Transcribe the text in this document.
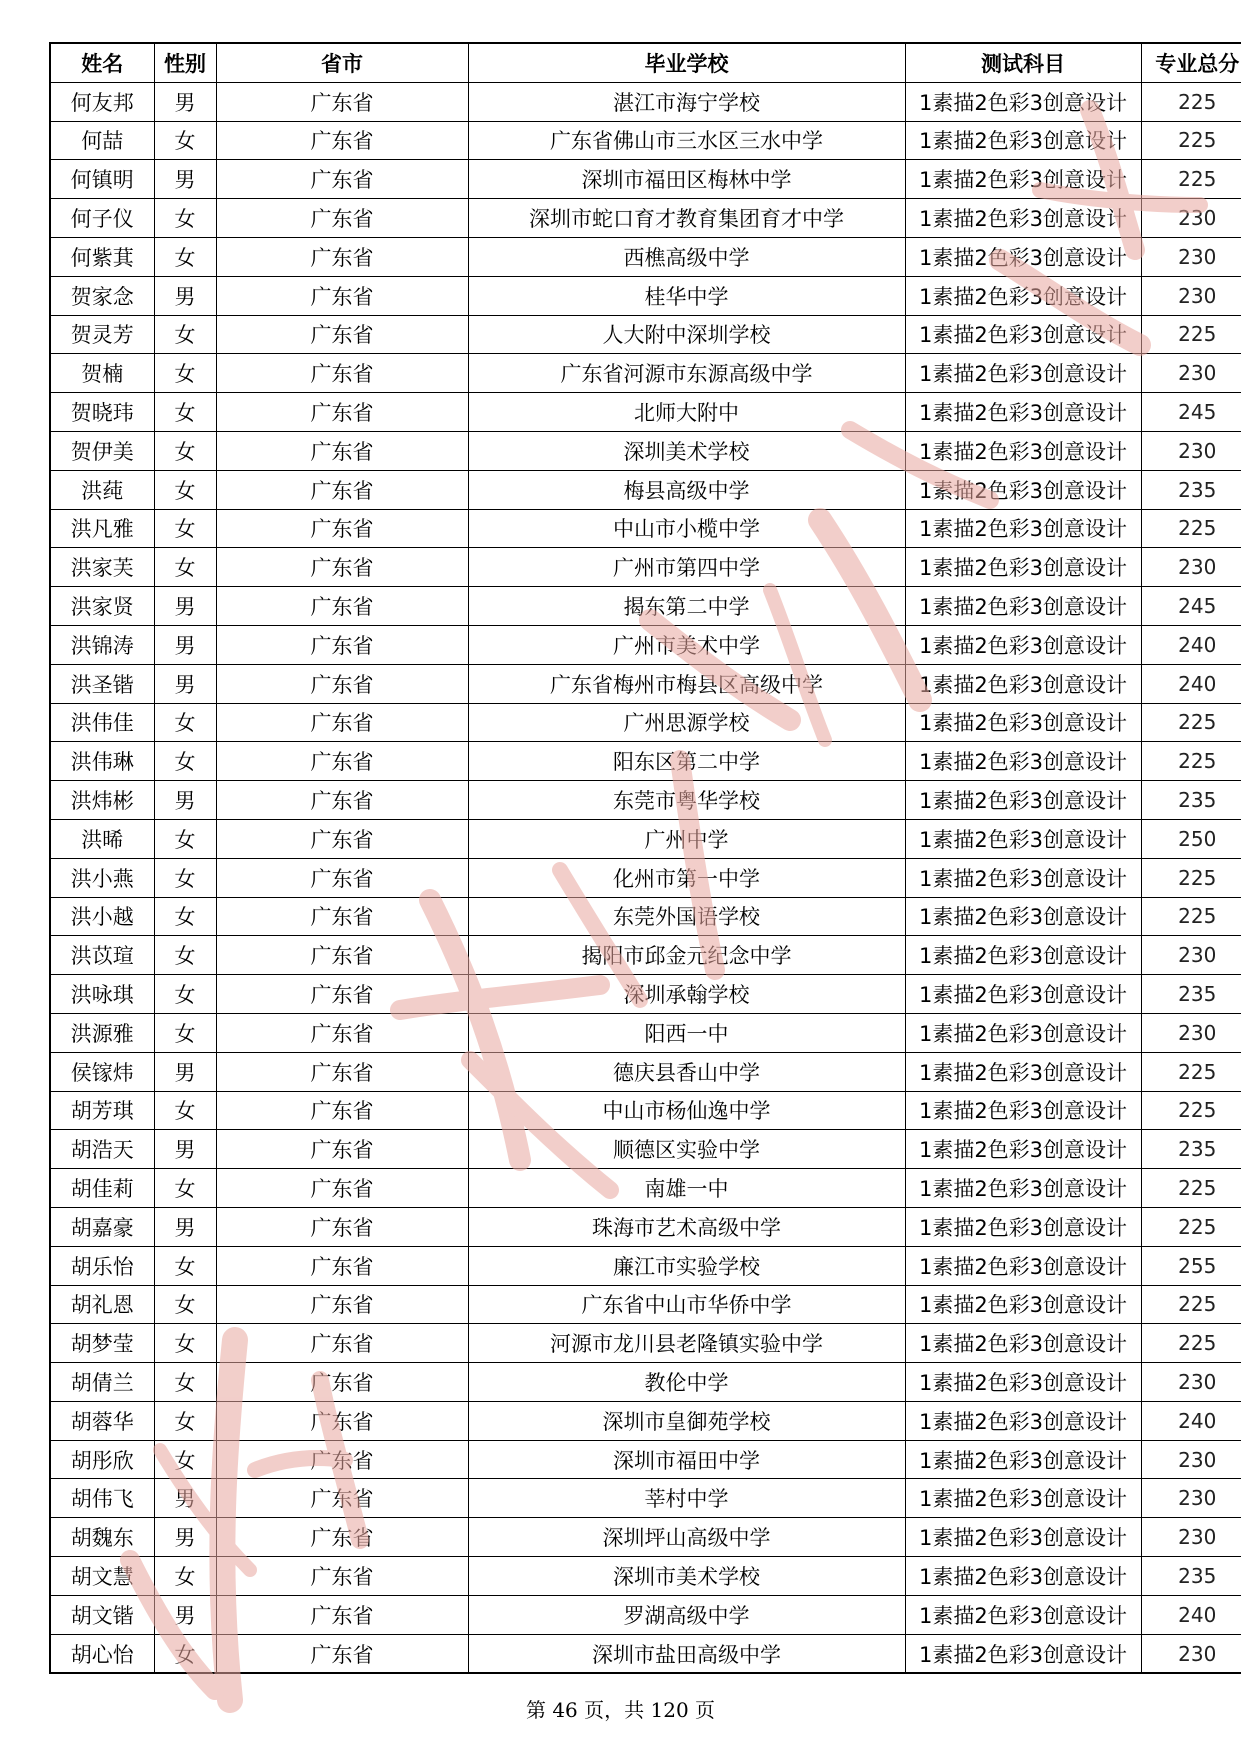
姓名	性别	省市	毕业学校	测试科目	专业总分
何友邦	男	广东省	湛江市海宁学校	1素描2色彩3创意设计	225
何喆	女	广东省	广东省佛山市三水区三水中学	1素描2色彩3创意设计	225
何镇明	男	广东省	深圳市福田区梅林中学	1素描2色彩3创意设计	225
何子仪	女	广东省	深圳市蛇口育才教育集团育才中学	1素描2色彩3创意设计	230
何紫萁	女	广东省	西樵高级中学	1素描2色彩3创意设计	230
贺家念	男	广东省	桂华中学	1素描2色彩3创意设计	230
贺灵芳	女	广东省	人大附中深圳学校	1素描2色彩3创意设计	225
贺楠	女	广东省	广东省河源市东源高级中学	1素描2色彩3创意设计	230
贺晓玮	女	广东省	北师大附中	1素描2色彩3创意设计	245
贺伊美	女	广东省	深圳美术学校	1素描2色彩3创意设计	230
洪莼	女	广东省	梅县高级中学	1素描2色彩3创意设计	235
洪凡雅	女	广东省	中山市小榄中学	1素描2色彩3创意设计	225
洪家芙	女	广东省	广州市第四中学	1素描2色彩3创意设计	230
洪家贤	男	广东省	揭东第二中学	1素描2色彩3创意设计	245
洪锦涛	男	广东省	广州市美术中学	1素描2色彩3创意设计	240
洪圣锴	男	广东省	广东省梅州市梅县区高级中学	1素描2色彩3创意设计	240
洪伟佳	女	广东省	广州思源学校	1素描2色彩3创意设计	225
洪伟琳	女	广东省	阳东区第二中学	1素描2色彩3创意设计	225
洪炜彬	男	广东省	东莞市粤华学校	1素描2色彩3创意设计	235
洪晞	女	广东省	广州中学	1素描2色彩3创意设计	250
洪小燕	女	广东省	化州市第一中学	1素描2色彩3创意设计	225
洪小越	女	广东省	东莞外国语学校	1素描2色彩3创意设计	225
洪苡瑄	女	广东省	揭阳市邱金元纪念中学	1素描2色彩3创意设计	230
洪咏琪	女	广东省	深圳承翰学校	1素描2色彩3创意设计	235
洪源雅	女	广东省	阳西一中	1素描2色彩3创意设计	230
侯镓炜	男	广东省	德庆县香山中学	1素描2色彩3创意设计	225
胡芳琪	女	广东省	中山市杨仙逸中学	1素描2色彩3创意设计	225
胡浩天	男	广东省	顺德区实验中学	1素描2色彩3创意设计	235
胡佳莉	女	广东省	南雄一中	1素描2色彩3创意设计	225
胡嘉豪	男	广东省	珠海市艺术高级中学	1素描2色彩3创意设计	225
胡乐怡	女	广东省	廉江市实验学校	1素描2色彩3创意设计	255
胡礼恩	女	广东省	广东省中山市华侨中学	1素描2色彩3创意设计	225
胡梦莹	女	广东省	河源市龙川县老隆镇实验中学	1素描2色彩3创意设计	225
胡倩兰	女	广东省	教伦中学	1素描2色彩3创意设计	230
胡蓉华	女	广东省	深圳市皇御苑学校	1素描2色彩3创意设计	240
胡彤欣	女	广东省	深圳市福田中学	1素描2色彩3创意设计	230
胡伟飞	男	广东省	莘村中学	1素描2色彩3创意设计	230
胡魏东	男	广东省	深圳坪山高级中学	1素描2色彩3创意设计	230
胡文慧	女	广东省	深圳市美术学校	1素描2色彩3创意设计	235
胡文锴	男	广东省	罗湖高级中学	1素描2色彩3创意设计	240
胡心怡	女	广东省	深圳市盐田高级中学	1素描2色彩3创意设计	230
第 46 页，共 120 页
